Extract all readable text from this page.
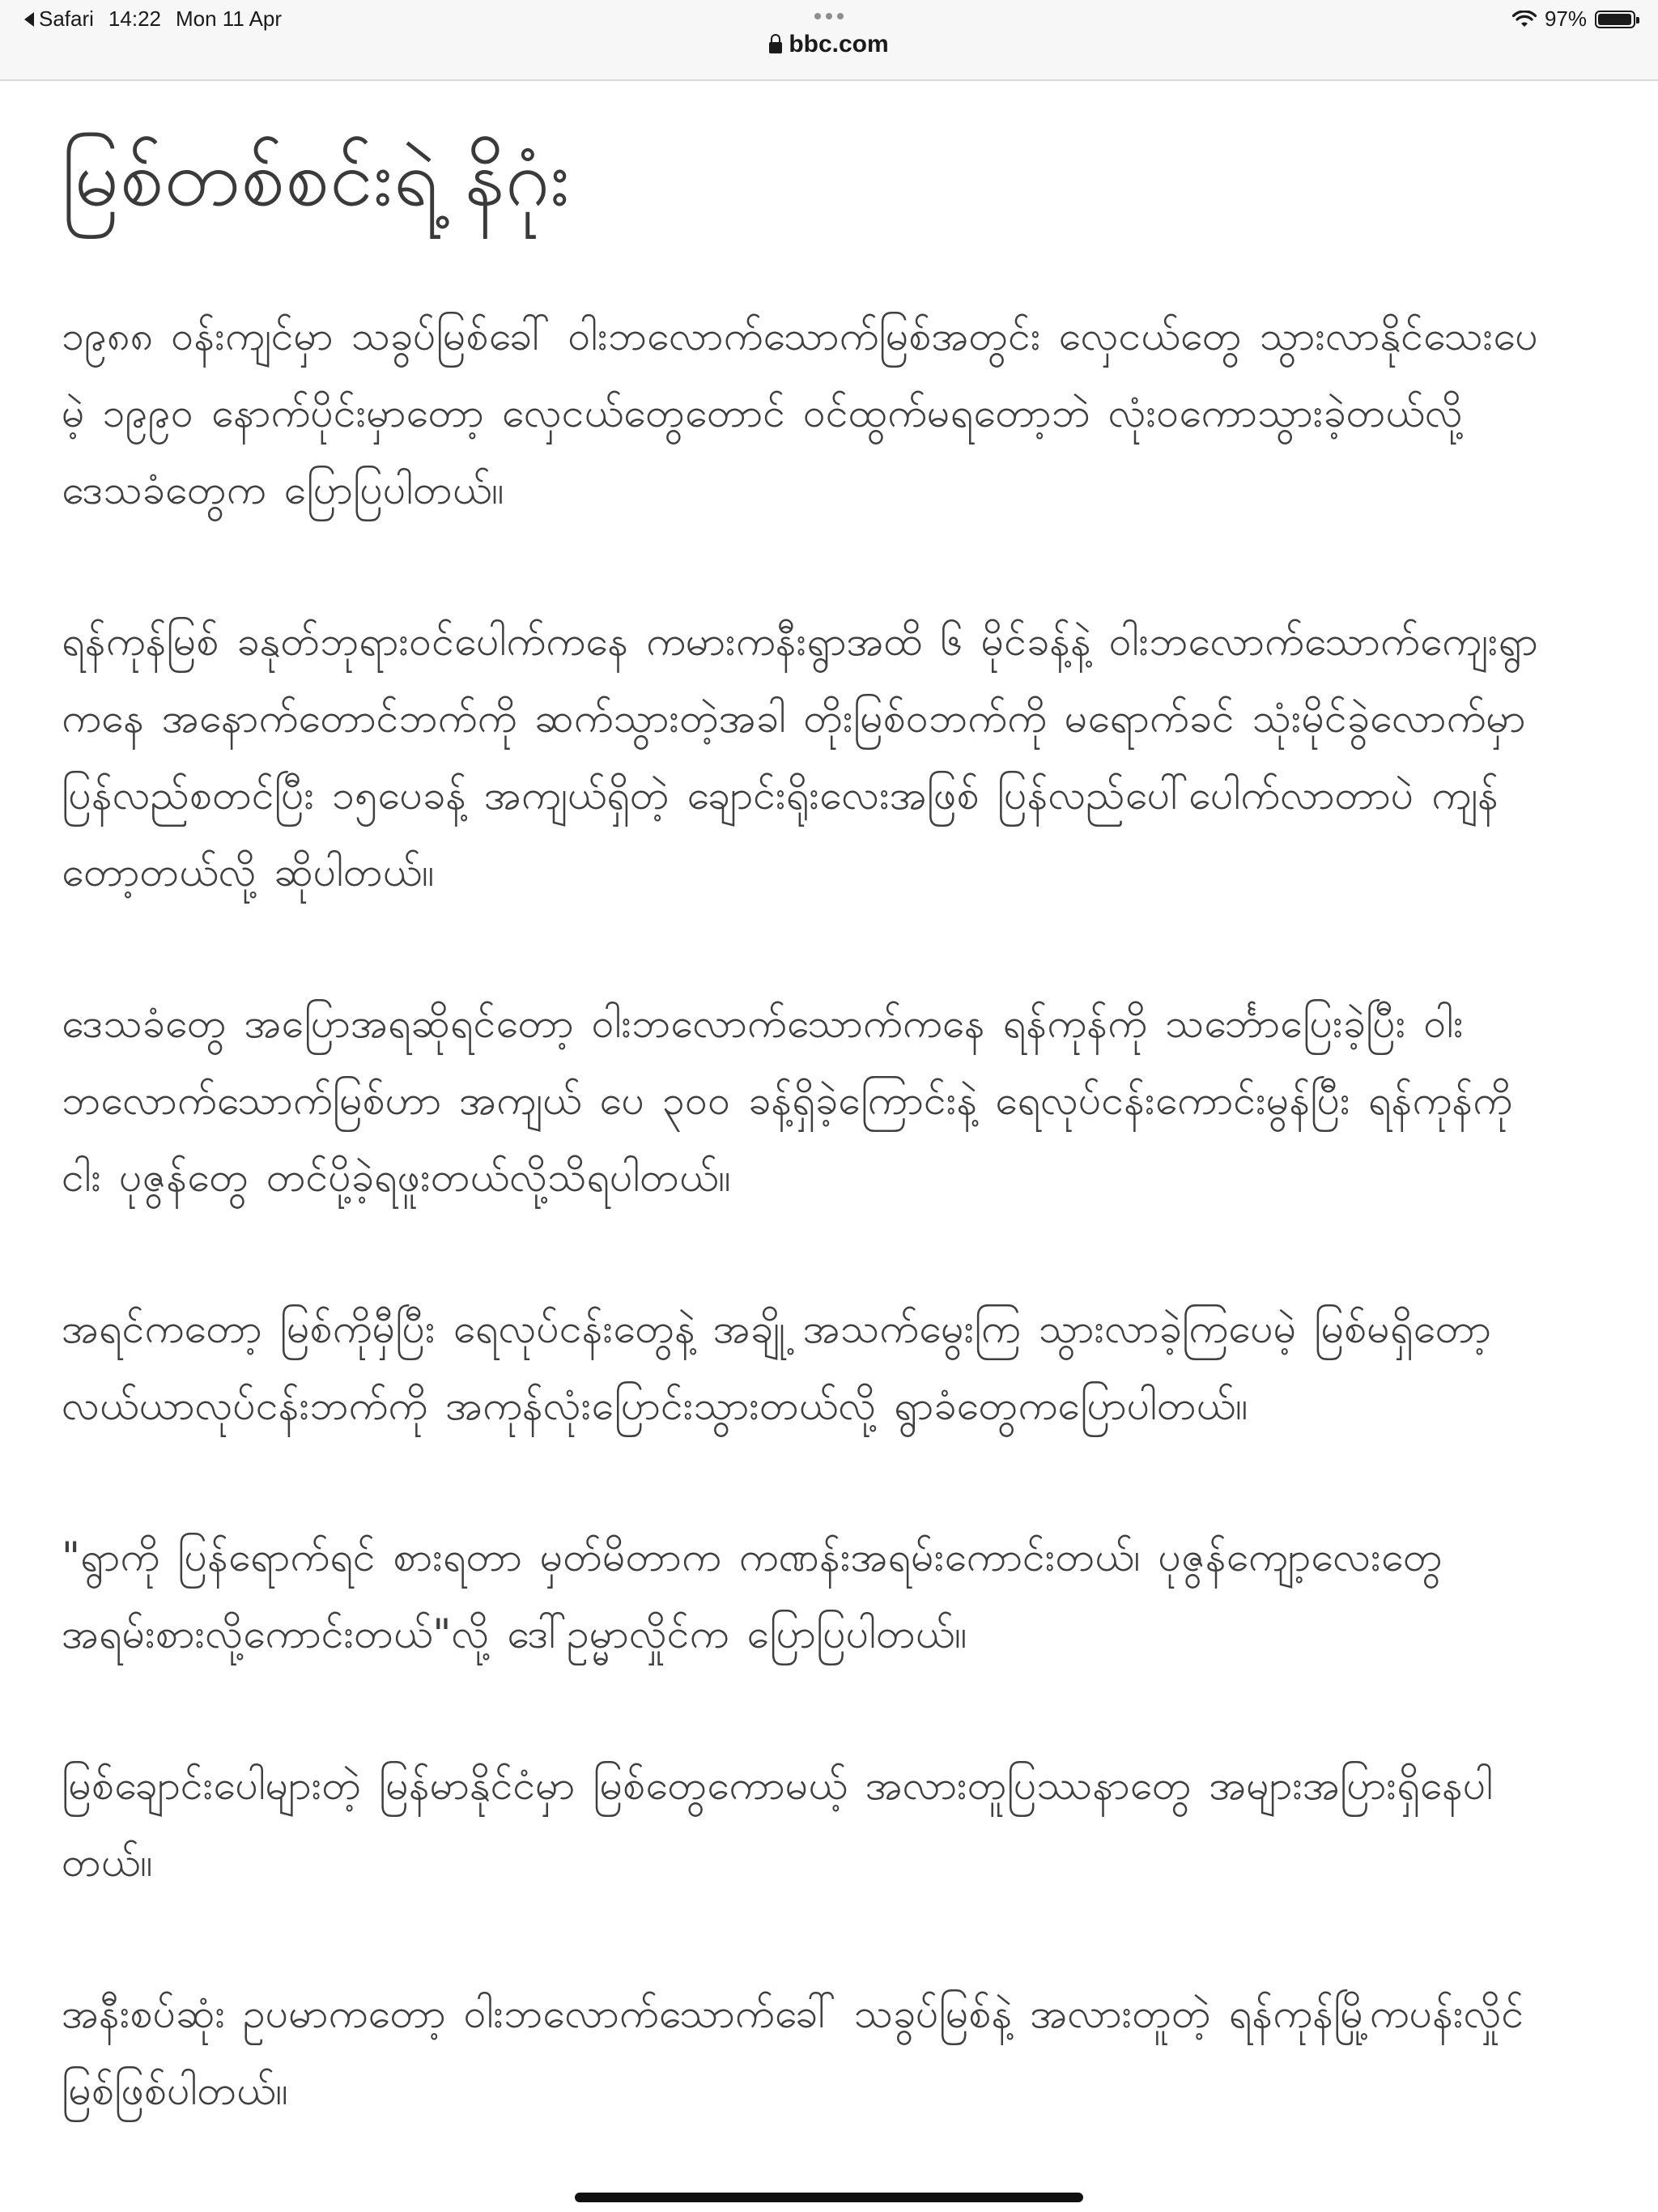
bbc.com
Safari 14:22 Mon 11 Apr	97%
မြစ်တစ်စင်းရဲ့ နိဂုံး

၁၉၈၈ ဝန်းကျင်မှာ သခွပ်မြစ်ခေါ် ဝါးဘလောက်သောက်မြစ်အတွင်း လှေငယ်တွေ သွားလာနိုင်သေးပေမဲ့ ၁၉၉၀ နောက်ပိုင်းမှာတော့ လှေငယ်တွေတောင် ဝင်ထွက်မရတော့ဘဲ လုံးဝကောသွားခဲ့တယ်လို့ ဒေသခံတွေက ပြောပြပါတယ်။

ရန်ကုန်မြစ် ခနုတ်ဘုရားဝင်ပေါက်ကနေ ကမားကနီးရွာအထိ ၆ မိုင်ခန့်နဲ့ ဝါးဘလောက်သောက်ကျေးရွာကနေ အနောက်တောင်ဘက်ကို ဆက်သွားတဲ့အခါ တိုးမြစ်ဝဘက်ကို မရောက်ခင် သုံးမိုင်ခွဲလောက်မှာ ပြန်လည်စတင်ပြီး ၁၅ပေခန့် အကျယ်ရှိတဲ့ ချောင်းရိုးလေးအဖြစ် ပြန်လည်ပေါ်ပေါက်လာတာပဲ ကျန်တော့တယ်လို့ ဆိုပါတယ်။

ဒေသခံတွေ အပြောအရဆိုရင်တော့ ဝါးဘလောက်သောက်ကနေ ရန်ကုန်ကို သင်္ဘောပြေးခဲ့ပြီး ဝါးဘလောက်သောက်မြစ်ဟာ အကျယ် ပေ ၃၀၀ ခန့်ရှိခဲ့ကြောင်းနဲ့ ရေလုပ်ငန်းကောင်းမွန်ပြီး ရန်ကုန်ကို ငါး ပုဇွန်တွေ တင်ပို့ခဲ့ရဖူးတယ်လို့သိရပါတယ်။

အရင်ကတော့ မြစ်ကိုမှီပြီး ရေလုပ်ငန်းတွေနဲ့ အချို့ အသက်မွေးကြ သွားလာခဲ့ကြပေမဲ့ မြစ်မရှိတော့ လယ်ယာလုပ်ငန်းဘက်ကို အကုန်လုံးပြောင်းသွားတယ်လို့ ရွာခံတွေကပြောပါတယ်။

"ရွာကို ပြန်ရောက်ရင် စားရတာ မှတ်မိတာက ကဏန်းအရမ်းကောင်းတယ်၊ ပုဇွန်ကျော့လေးတွေ အရမ်းစားလို့ကောင်းတယ်"လို့ ဒေါ်ဥမ္မာလှိုင်က ပြောပြပါတယ်။

မြစ်ချောင်းပေါများတဲ့ မြန်မာနိုင်ငံမှာ မြစ်တွေကောမယ့် အလားတူပြဿနာတွေ အများအပြားရှိနေပါတယ်။

အနီးစပ်ဆုံး ဥပမာကတော့ ဝါးဘလောက်သောက်ခေါ် သခွပ်မြစ်နဲ့ အလားတူတဲ့ ရန်ကုန်မြို့ကပန်းလှိုင်မြစ်ဖြစ်ပါတယ်။
